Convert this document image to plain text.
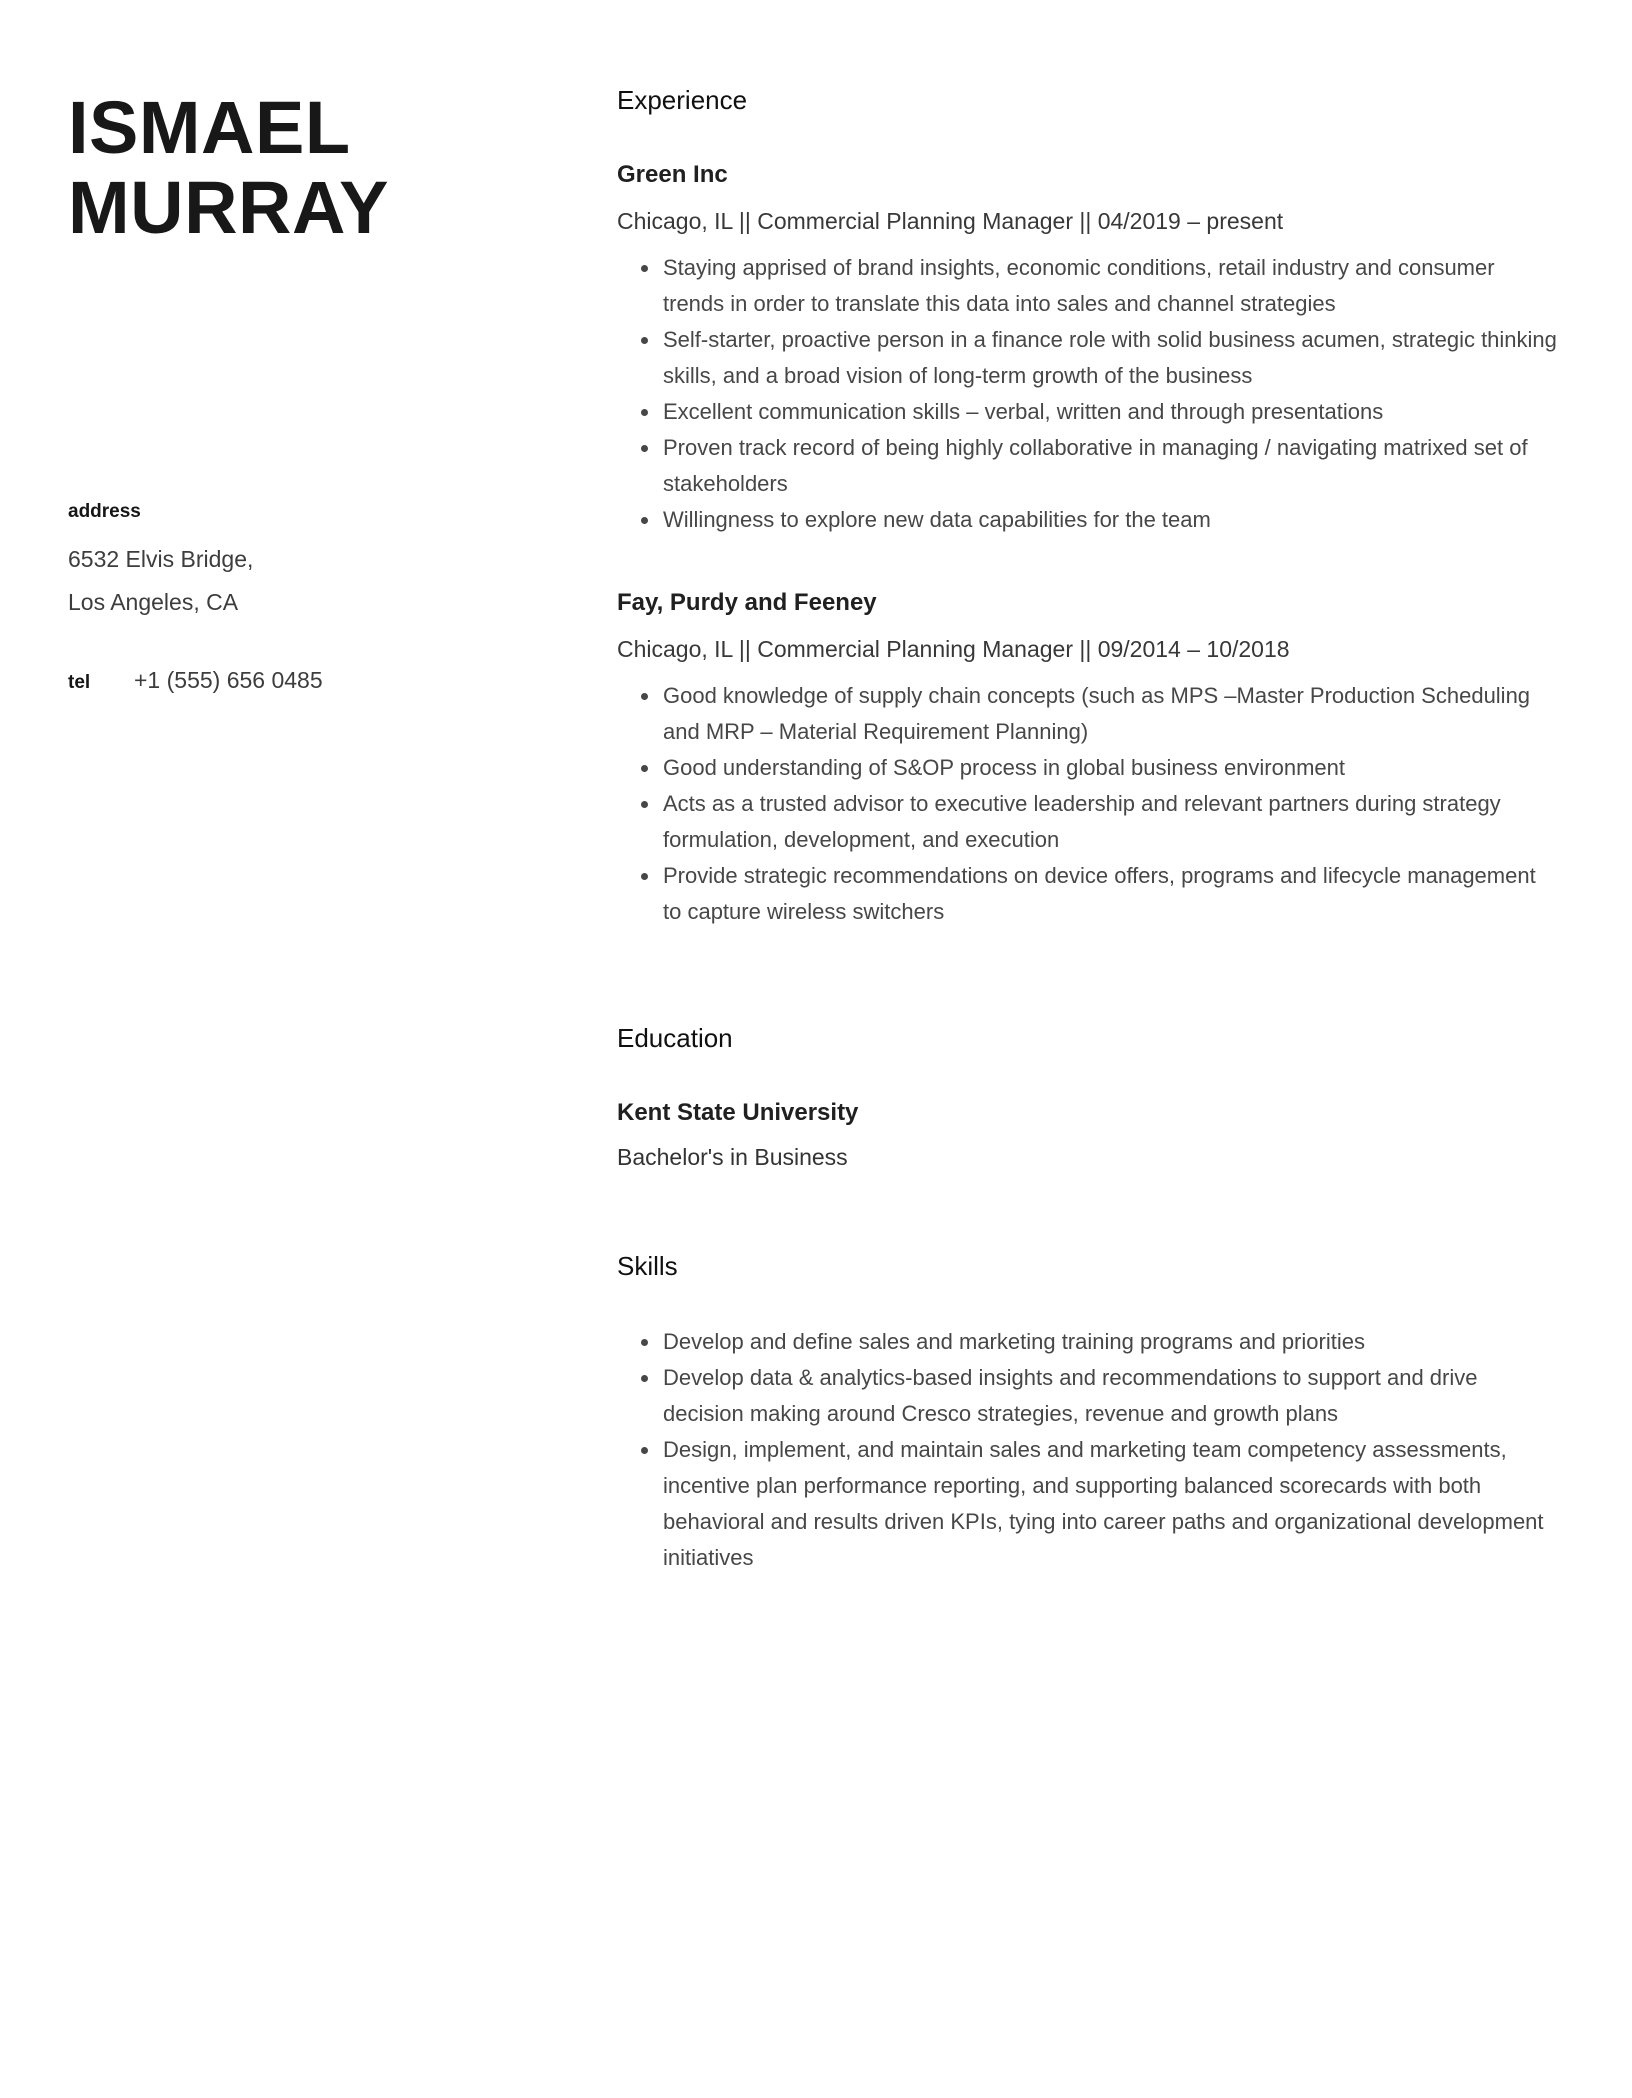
ISMAEL
MURRAY
address
6532 Elvis Bridge,
Los Angeles, CA
tel	+1 (555) 656 0485
Experience
Green Inc

Chicago, IL || Commercial Planning Manager || 04/2019 – present

• Staying apprised of brand insights, economic conditions, retail industry and consumer trends in order to translate this data into sales and channel strategies
• Self-starter, proactive person in a finance role with solid business acumen, strategic thinking skills, and a broad vision of long-term growth of the business
• Excellent communication skills – verbal, written and through presentations
• Proven track record of being highly collaborative in managing / navigating matrixed set of stakeholders
• Willingness to explore new data capabilities for the team
Fay, Purdy and Feeney

Chicago, IL || Commercial Planning Manager || 09/2014 – 10/2018

• Good knowledge of supply chain concepts (such as MPS –Master Production Scheduling and MRP – Material Requirement Planning)
• Good understanding of S&OP process in global business environment
• Acts as a trusted advisor to executive leadership and relevant partners during strategy formulation, development, and execution
• Provide strategic recommendations on device offers, programs and lifecycle management to capture wireless switchers
Education
Kent State University

Bachelor's in Business

Skills
• Develop and define sales and marketing training programs and priorities
• Develop data & analytics-based insights and recommendations to support and drive decision making around Cresco strategies, revenue and growth plans
• Design, implement, and maintain sales and marketing team competency assessments, incentive plan performance reporting, and supporting balanced scorecards with both behavioral and results driven KPIs, tying into career paths and organizational development initiatives
